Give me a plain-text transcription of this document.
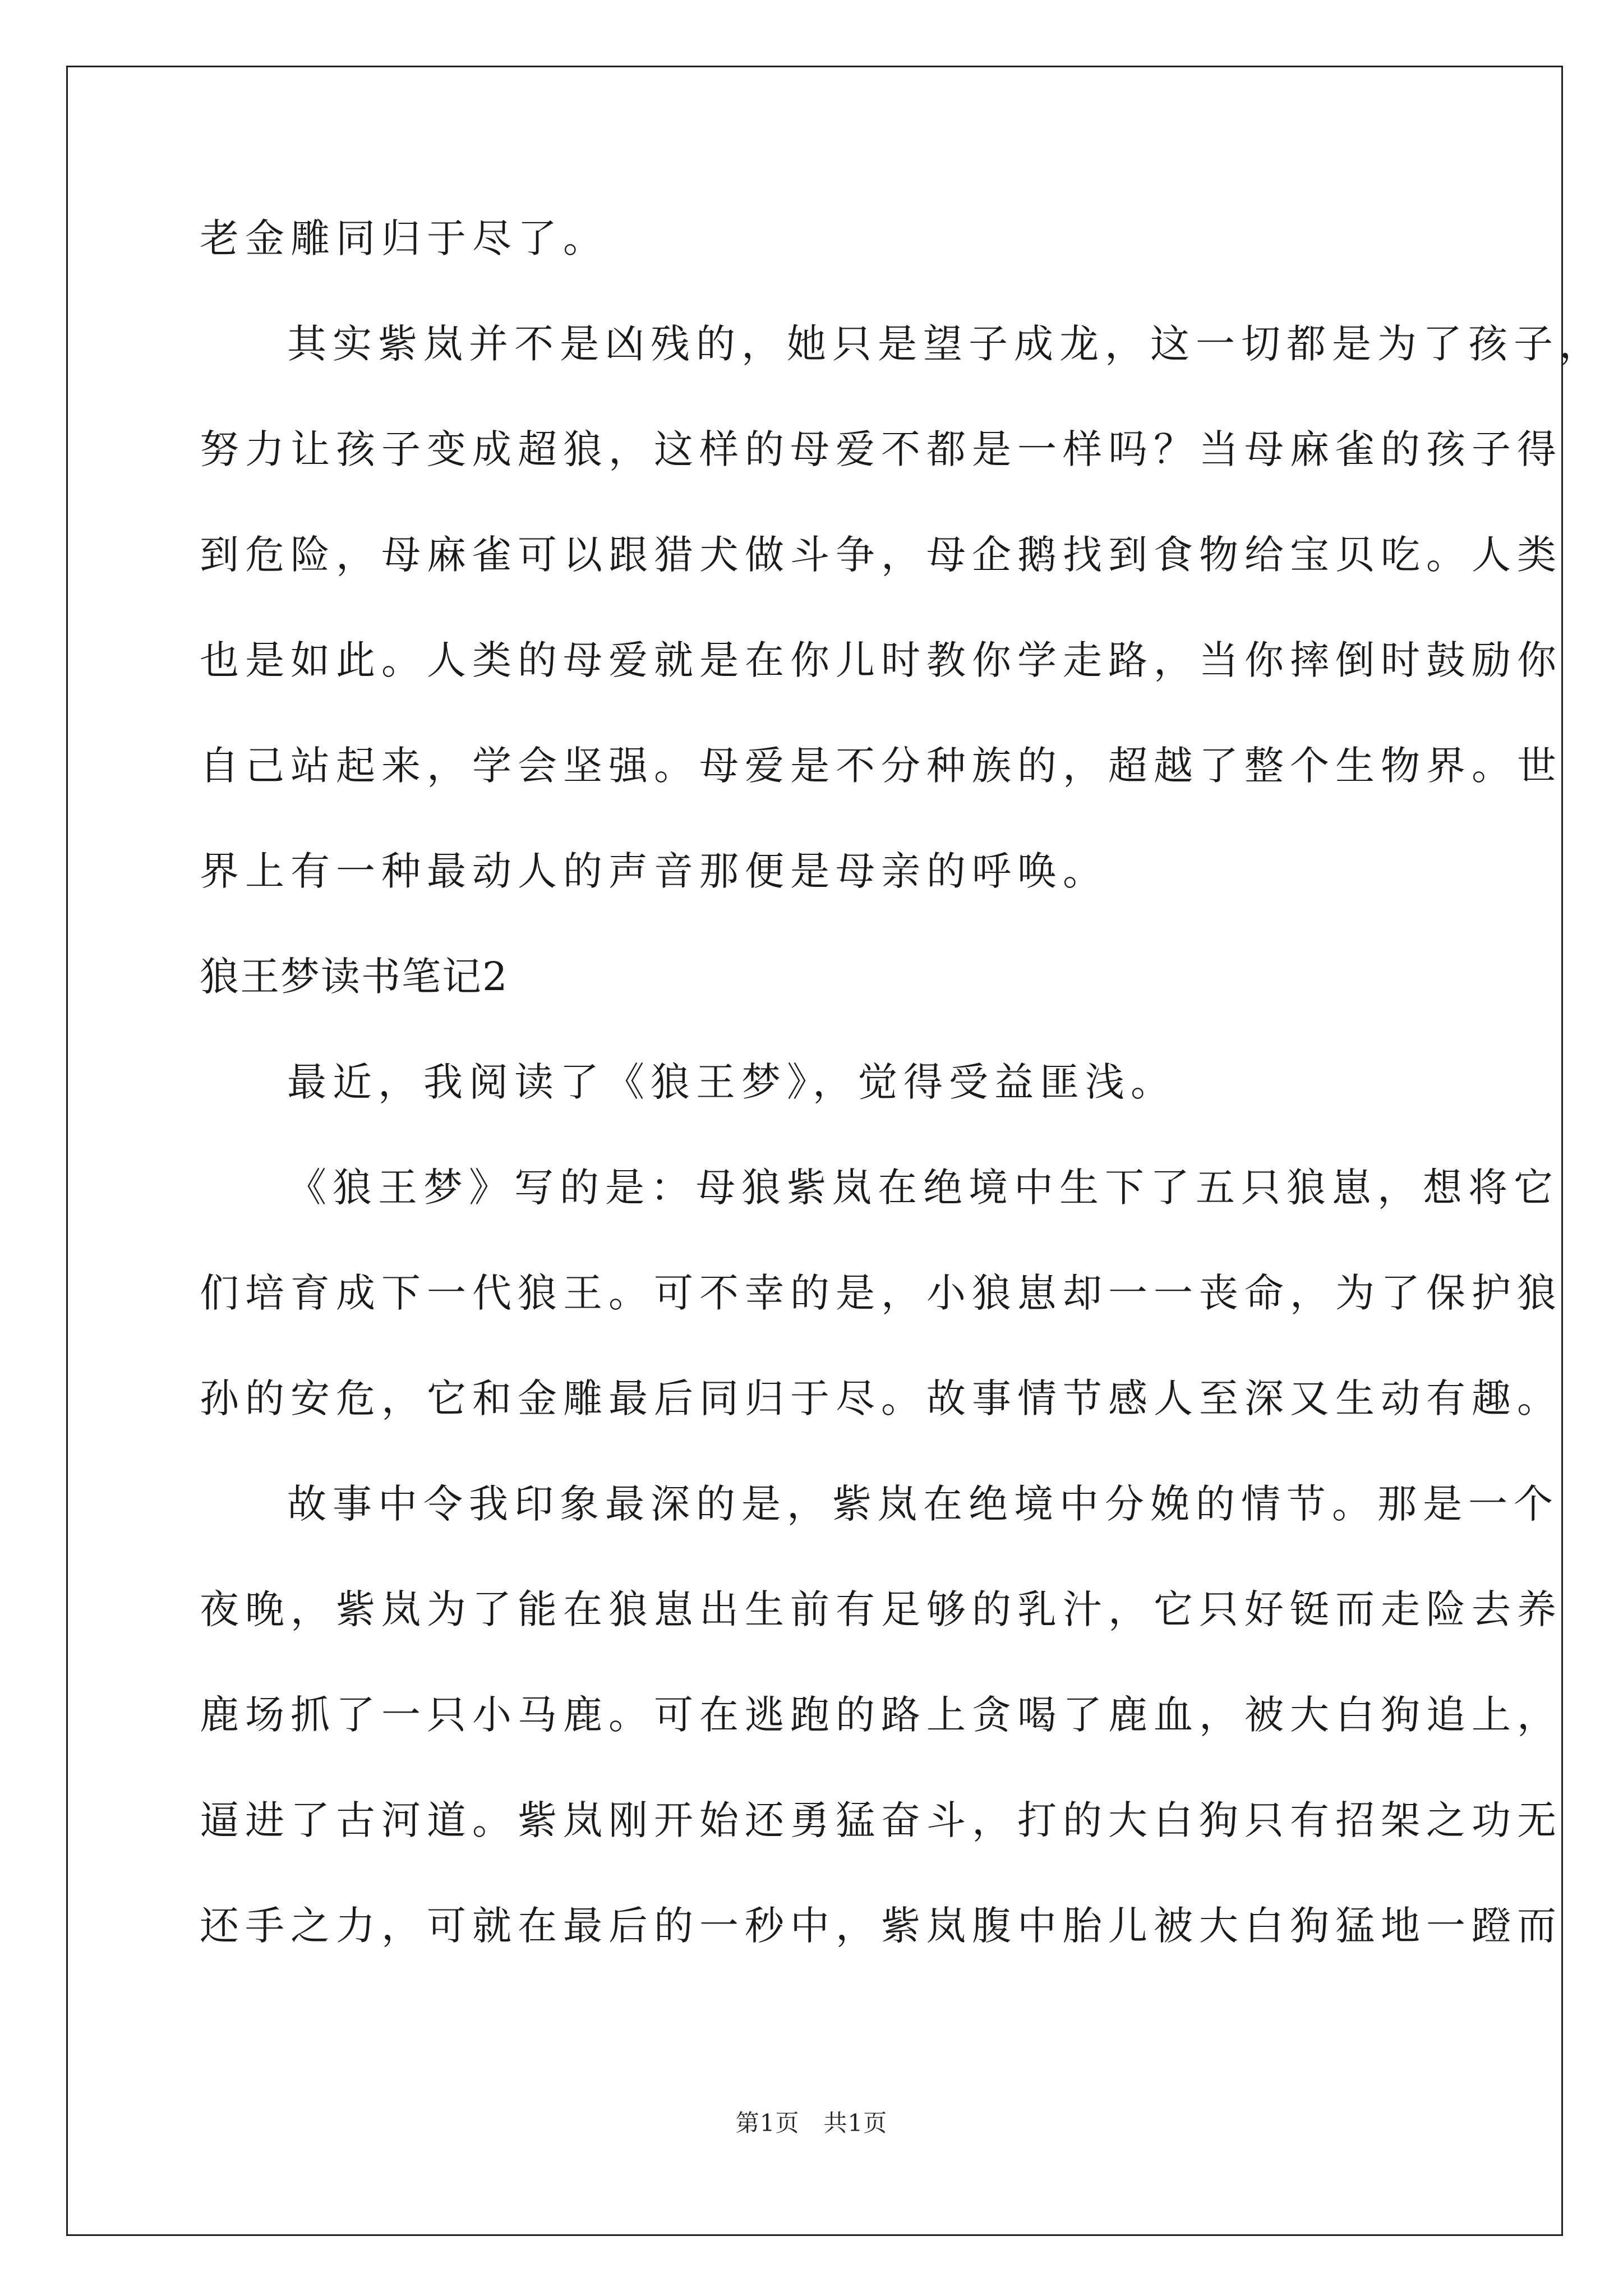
老金雕同归于尽了。
其实紫岚并不是凶残的，她只是望子成龙，这一切都是为了孩子，
努力让孩子变成超狼，这样的母爱不都是一样吗？当母麻雀的孩子得
到危险，母麻雀可以跟猎犬做斗争，母企鹅找到食物给宝贝吃。人类
也是如此。人类的母爱就是在你儿时教你学走路，当你摔倒时鼓励你
自己站起来，学会坚强。母爱是不分种族的，超越了整个生物界。世
界上有一种最动人的声音那便是母亲的呼唤。
狼王梦读书笔记2
最近，我阅读了《狼王梦》，觉得受益匪浅。
《狼王梦》写的是：母狼紫岚在绝境中生下了五只狼崽，想将它
们培育成下一代狼王。可不幸的是，小狼崽却一一丧命，为了保护狼
孙的安危，它和金雕最后同归于尽。故事情节感人至深又生动有趣。
故事中令我印象最深的是，紫岚在绝境中分娩的情节。那是一个
夜晚，紫岚为了能在狼崽出生前有足够的乳汁，它只好铤而走险去养
鹿场抓了一只小马鹿。可在逃跑的路上贪喝了鹿血，被大白狗追上，
逼进了古河道。紫岚刚开始还勇猛奋斗，打的大白狗只有招架之功无
还手之力，可就在最后的一秒中，紫岚腹中胎儿被大白狗猛地一蹬而
第1页　共1页
